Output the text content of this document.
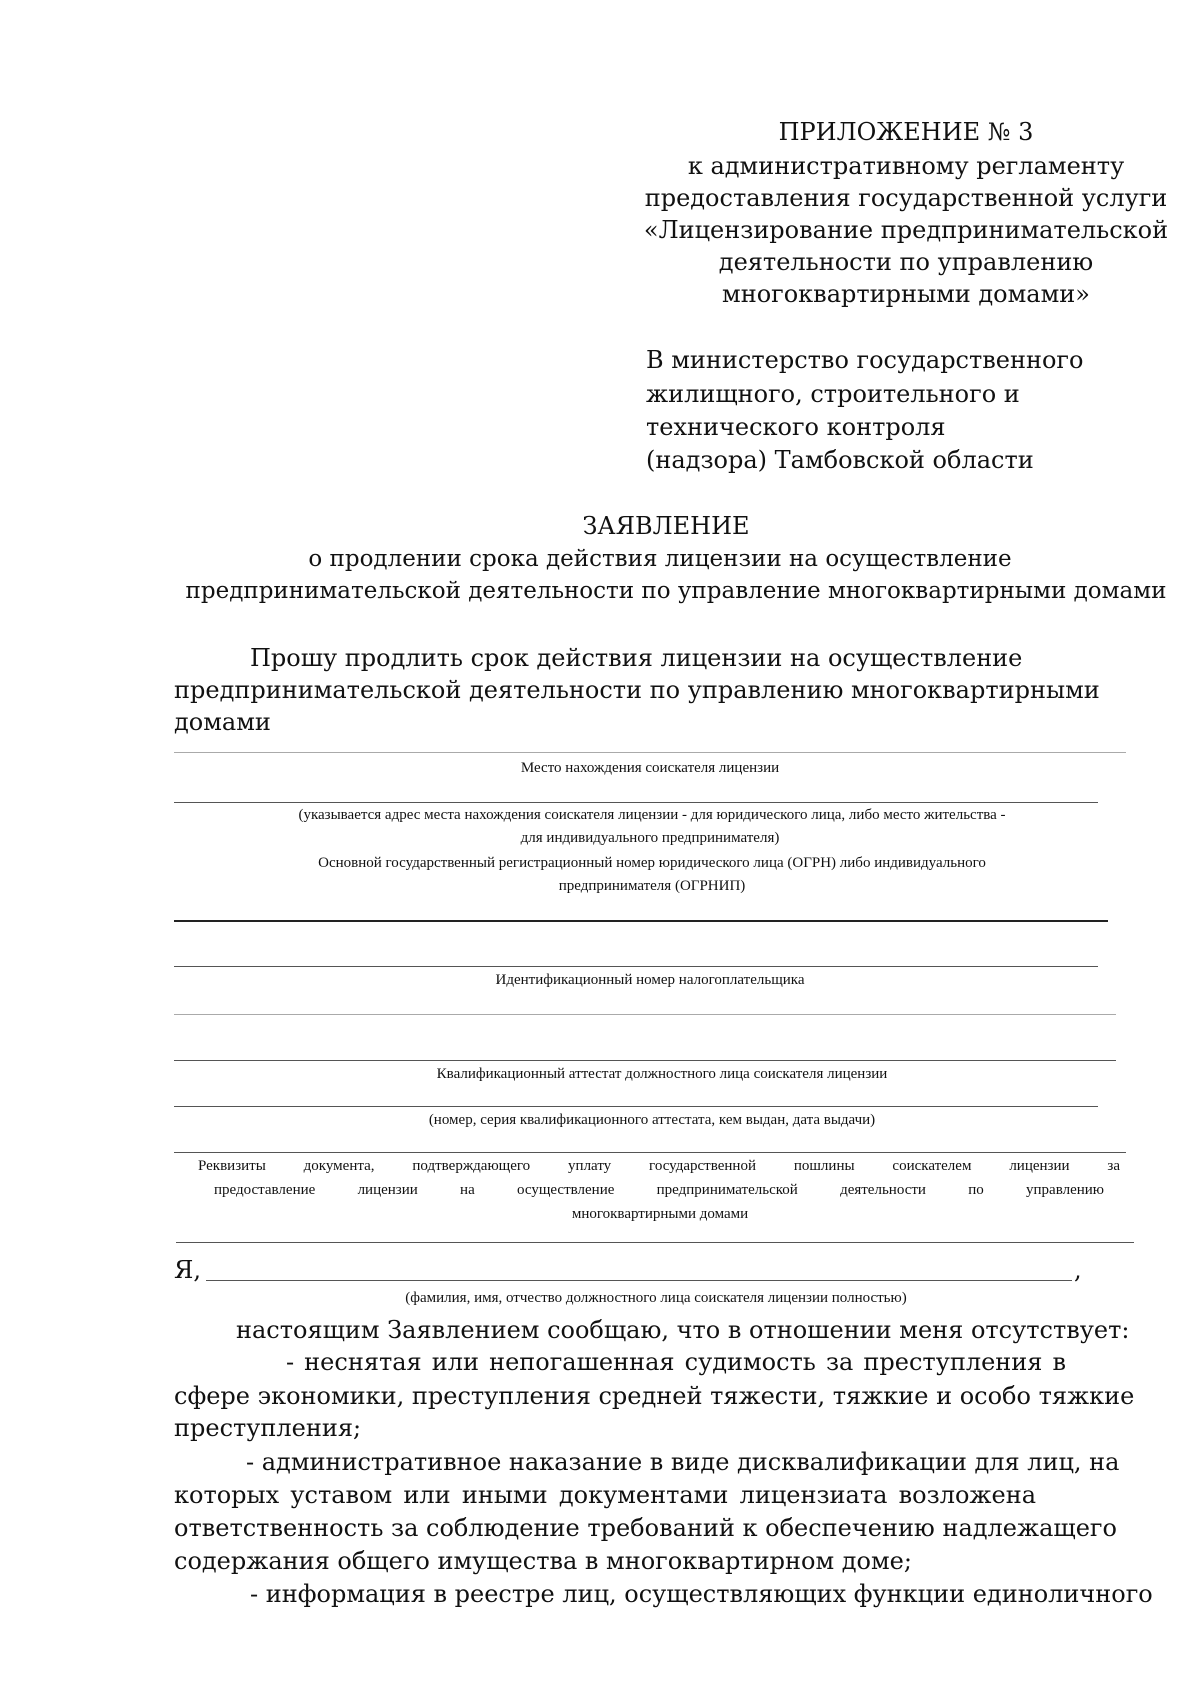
ПРИЛОЖЕНИЕ № 3
к административному регламенту
предоставления государственной услуги
«Лицензирование предпринимательской
деятельности по управлению
многоквартирными домами»
В министерство государственного
жилищного, строительного и
технического контроля
(надзора) Тамбовской области
ЗАЯВЛЕНИЕ
о продлении срока действия лицензии на осуществление
предпринимательской деятельности по управление многоквартирными домами
Прошу продлить срок действия лицензии на осуществление
предпринимательской деятельности по управлению многоквартирными
домами
Место нахождения соискателя лицензии
(указывается адрес места нахождения соискателя лицензии - для юридического лица, либо место жительства -
для индивидуального предпринимателя)
Основной государственный регистрационный номер юридического лица (ОГРН) либо индивидуального
предпринимателя (ОГРНИП)
Идентификационный номер налогоплательщика
Квалификационный аттестат должностного лица соискателя лицензии
(номер, серия квалификационного аттестата, кем выдан, дата выдачи)
Реквизиты документа, подтверждающего уплату государственной пошлины соискателем лицензии за
предоставление лицензии на осуществление предпринимательской деятельности по управлению
многоквартирными домами
Я,	,
(фамилия, имя, отчество должностного лица соискателя лицензии полностью)
настоящим Заявлением сообщаю, что в отношении меня отсутствует:
- неснятая или непогашенная судимость за преступления в
сфере экономики, преступления средней тяжести, тяжкие и особо тяжкие
преступления;
- административное наказание в виде дисквалификации для лиц, на
которых уставом или иными документами лицензиата возложена
ответственность за соблюдение требований к обеспечению надлежащего
содержания общего имущества в многоквартирном доме;
- информация в реестре лиц, осуществляющих функции единоличного
